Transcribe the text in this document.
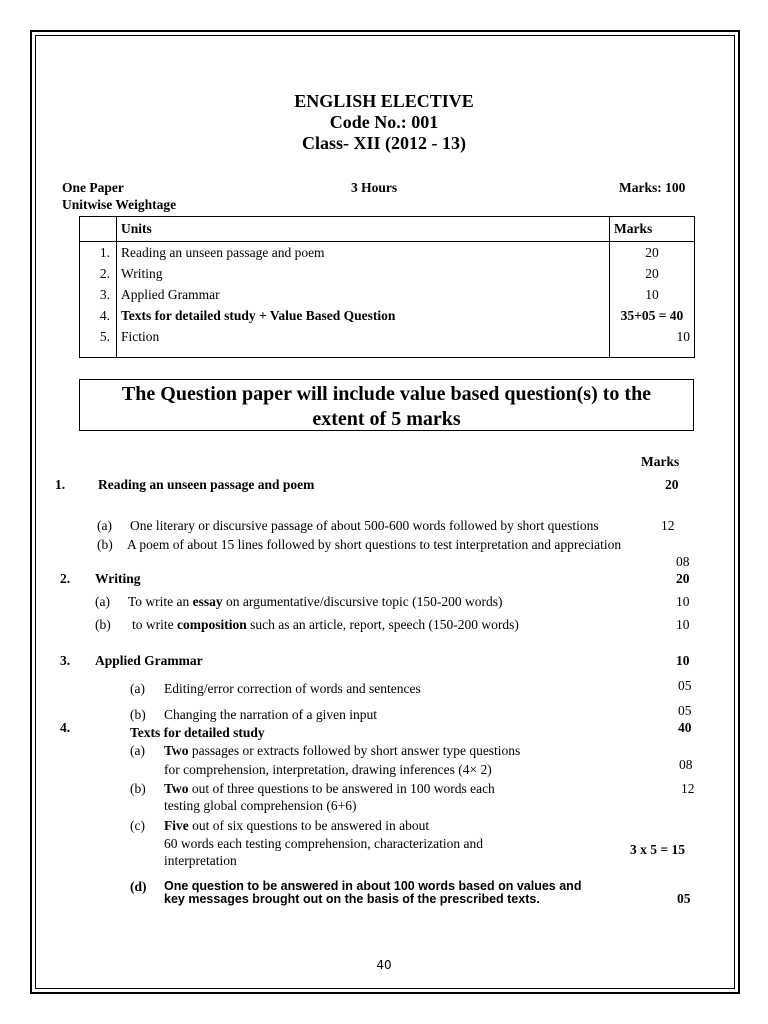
ENGLISH ELECTIVE
Code No.: 001
Class- XII (2012 - 13)
One Paper	3 Hours	Marks: 100
Unitwise Weightage
	Units	Marks
1.	Reading an unseen passage and poem	20
2.	Writing	20
3.	Applied Grammar	10
4.	Texts for detailed study + Value Based Question	35+05 = 40
5.	Fiction	10
The Question paper will include value based question(s) to the
extent of 5 marks
Marks
1. Reading an unseen passage and poem	20
(a) One literary or discursive passage of about 500-600 words followed by short questions	12
(b) A poem of about 15 lines followed by short questions to test interpretation and appreciation
08
2. Writing	20
(a) To write an essay on argumentative/discursive topic (150-200 words)	10
(b) to write composition such as an article, report, speech (150-200 words)	10
3. Applied Grammar	10
(a) Editing/error correction of words and sentences	05
(b) Changing the narration of a given input	05
4.	Texts for detailed study	40
(a) Two passages or extracts followed by short answer type questions
for comprehension, interpretation, drawing inferences (4× 2)	08
(b) Two out of three questions to be answered in 100 words each
testing global comprehension (6+6)
12
(c) Five out of six questions to be answered in about
60 words each testing comprehension, characterization and
interpretation
3 x 5 = 15
(d) One question to be answered in about 100 words based on values and
key messages brought out on the basis of the prescribed texts.	05
40
